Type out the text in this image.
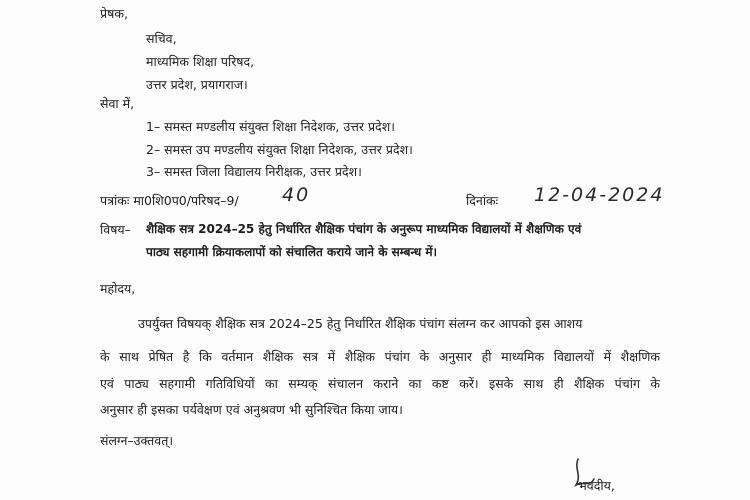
प्रेषक,
सचिव,
माध्यमिक शिक्षा परिषद,
उत्तर प्रदेश, प्रयागराज।
सेवा में,
1– समस्त मण्डलीय संयुक्त शिक्षा निदेशक, उत्तर प्रदेश।
2– समस्त उप मण्डलीय संयुक्त शिक्षा निदेशक, उत्तर प्रदेश।
3– समस्त जिला विद्यालय निरीक्षक, उत्तर प्रदेश।
पत्रांकः मा0शि0प0/परिषद–9/ 40	दिनांकः 12-04-2024
विषय– शैक्षिक सत्र 2024–25 हेतु निर्धारित शैक्षिक पंचांग के अनुरूप माध्यमिक विद्यालयों में शैक्षणिक एवं
पाठ्य सहगामी क्रियाकलापों को संचालित कराये जाने के सम्बन्ध में।
महोदय,
उपर्युक्त विषयक् शैक्षिक सत्र 2024–25 हेतु निर्धारित शैक्षिक पंचांग संलग्न कर आपको इस आशय
के साथ प्रेषित है कि वर्तमान शैक्षिक सत्र में शैक्षिक पंचांग के अनुसार ही माध्यमिक विद्यालयों में शैक्षणिक
एवं पाठ्य सहगामी गतिविधियों का सम्यक् संचालन कराने का कष्ट करें। इसके साथ ही शैक्षिक पंचांग के
अनुसार ही इसका पर्यवेक्षण एवं अनुश्रवण भी सुनिश्चित किया जाय।
संलग्न–उक्तवत्।
भवदीय,
